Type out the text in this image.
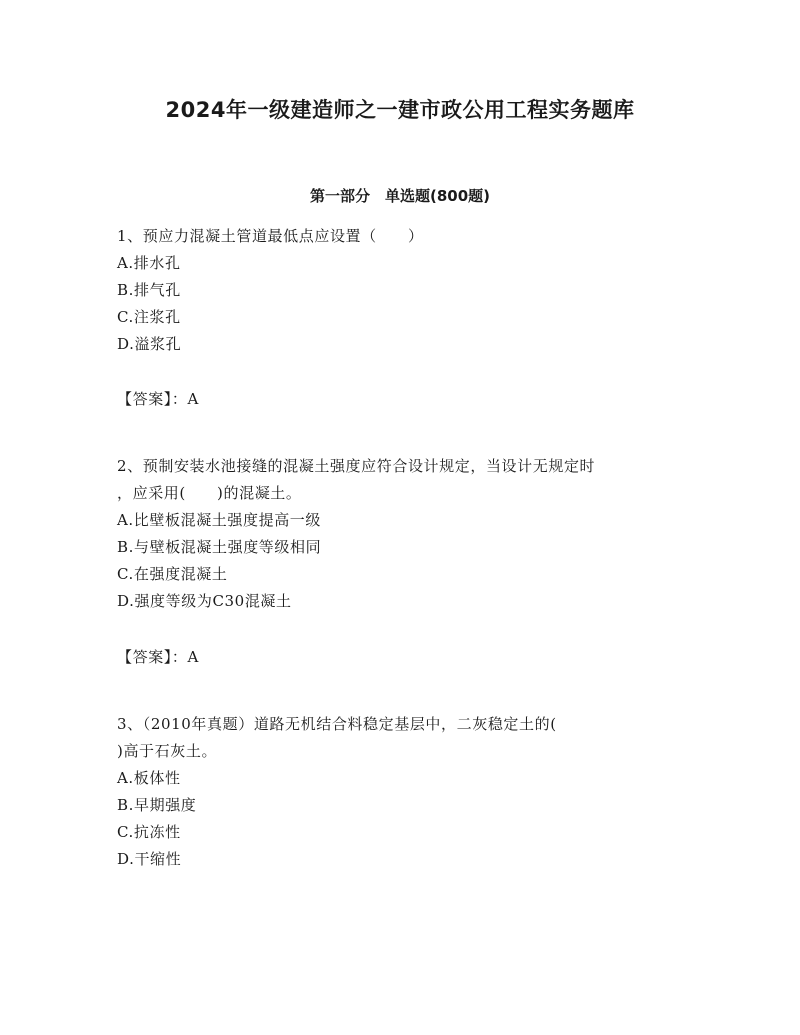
2024年一级建造师之一建市政公用工程实务题库
第一部分　单选题(800题)
1、预应力混凝土管道最低点应设置（　　）
A.排水孔
B.排气孔
C.注浆孔
D.溢浆孔
【答案】：A
2、预制安装水池接缝的混凝土强度应符合设计规定，当设计无规定时
，应采用(　　)的混凝土。
A.比壁板混凝土强度提高一级
B.与壁板混凝土强度等级相同
C.在强度混凝土
D.强度等级为C30混凝土
【答案】：A
3、（2010年真题）道路无机结合料稳定基层中，二灰稳定土的(
)高于石灰土。
A.板体性
B.早期强度
C.抗冻性
D.干缩性
